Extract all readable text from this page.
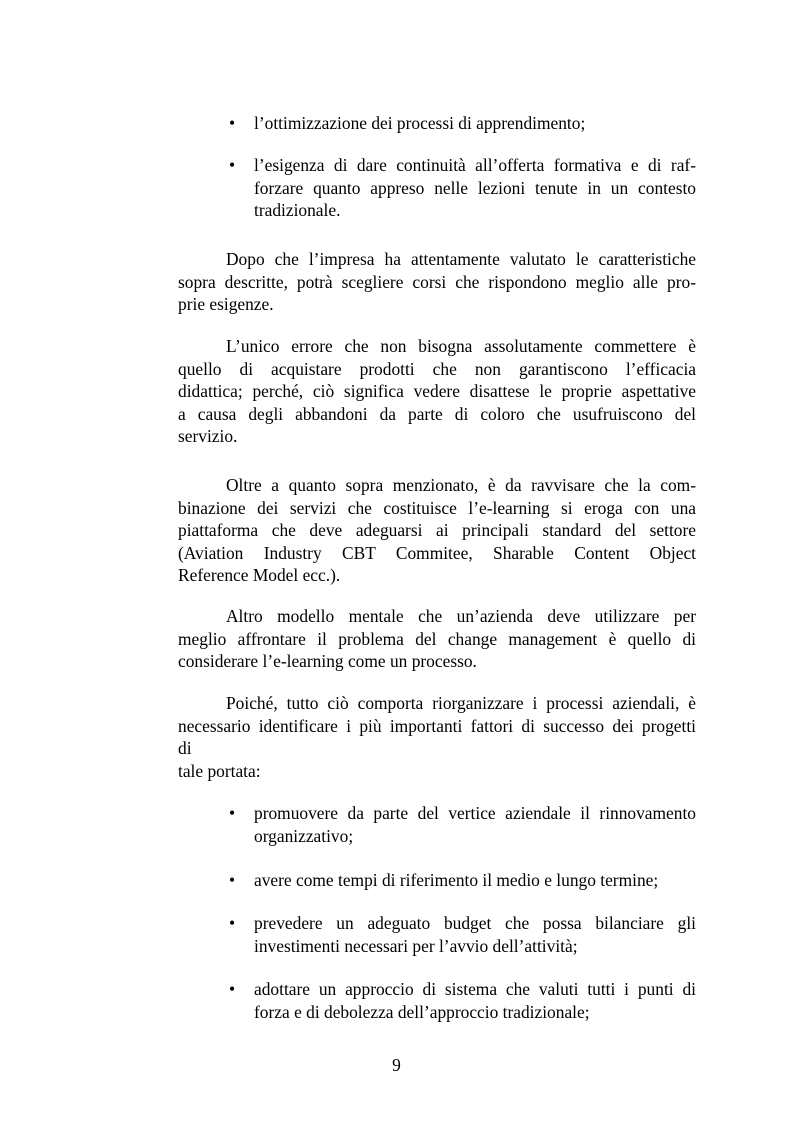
• l’ottimizzazione dei processi di apprendimento;
• l’esigenza di dare continuità all’offerta formativa e di raf-
forzare quanto appreso nelle lezioni tenute in un contesto
tradizionale.
Dopo che l’impresa ha attentamente valutato le caratteristiche
sopra descritte, potrà scegliere corsi che rispondono meglio alle pro-
prie esigenze.
L’unico errore che non bisogna assolutamente commettere è
quello di acquistare prodotti che non garantiscono l’efficacia
didattica; perché, ciò significa vedere disattese le proprie aspettative
a causa degli abbandoni da parte di coloro che usufruiscono del
servizio.
Oltre a quanto sopra menzionato, è da ravvisare che la com-
binazione dei servizi che costituisce l’e-learning si eroga con una
piattaforma che deve adeguarsi ai principali standard del settore
(Aviation Industry CBT Commitee, Sharable Content Object
Reference Model ecc.).
Altro modello mentale che un’azienda deve utilizzare per
meglio affrontare il problema del change management è quello di
considerare l’e-learning come un processo.
Poiché, tutto ciò comporta riorganizzare i processi aziendali, è
necessario identificare i più importanti fattori di successo dei progetti
di
tale portata:
• promuovere da parte del vertice aziendale il rinnovamento
organizzativo;
• avere come tempi di riferimento il medio e lungo termine;
• prevedere un adeguato budget che possa bilanciare gli
investimenti necessari per l’avvio dell’attività;
• adottare un approccio di sistema che valuti tutti i punti di
forza e di debolezza dell’approccio tradizionale;
9
